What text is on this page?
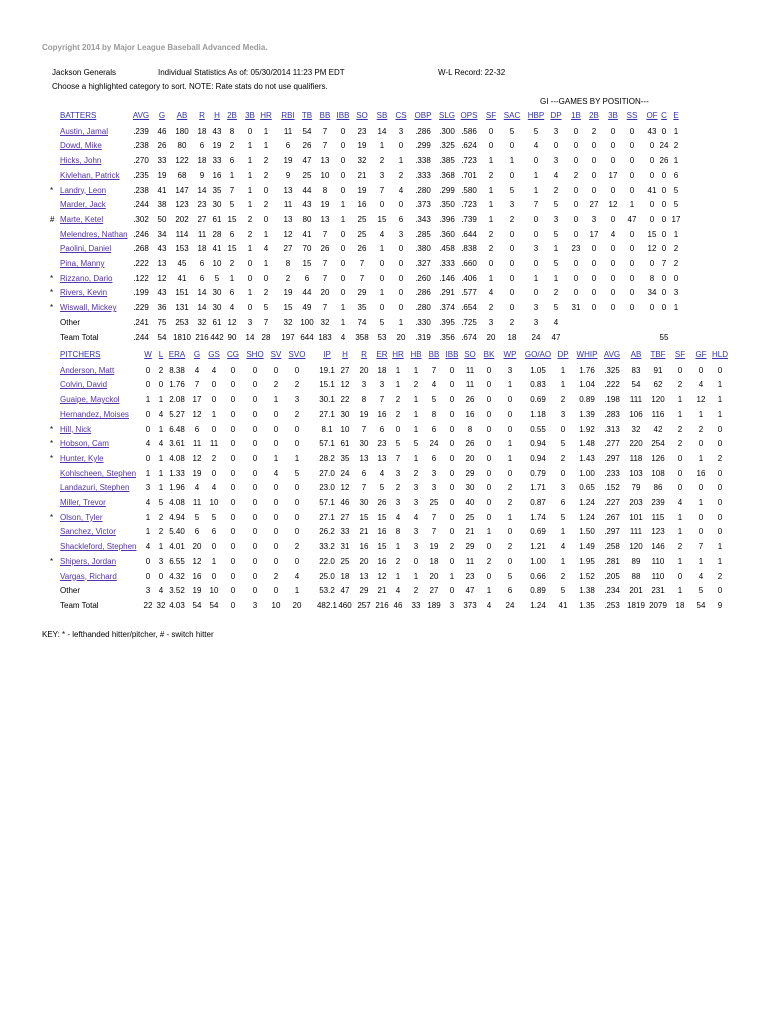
Copyright 2014 by Major League Baseball Advanced Media.
Jackson Generals	Individual Statistics As of: 05/30/2014 11:23 PM EDT	W-L Record: 22-32
Choose a highlighted category to sort. NOTE: Rate stats do not use qualifiers.
GI ---GAMES BY POSITION---
BATTERS	AVG G AB R H 2B 3B HR RBI TB BB IBB SO SB CS OBP SLG OPS SF SAC HBP DP 1B 2B 3B SS OF C E
Austin, Jamal	.239 46 180 18 43 8 0 1 11 54 7 0 23 14 3 .286 .300 .586 0 5 5 3 0 2 0 0 43 0 1
Dowd, Mike	.238 26 80 6 19 2 1 1 6 26 7 0 19 1 0 .299 .325 .624 0 0 4 0 0 0 0 0 0 24 2
Hicks, John	.270 33 122 18 33 6 1 2 19 47 13 0 32 2 1 .338 .385 .723 1 1 0 3 0 0 0 0 0 26 1
Kivlehan, Patrick .235 19 68 9 16 1 1 2 9 25 10 0 21 3 2 .333 .368 .701 2 0 1 4 2 0 17 0 0 0 6
* Landry, Leon	.238 41 147 14 35 7 1 0 13 44 8 0 19 7 4 .280 .299 .580 1 5 1 2 0 0 0 0 41 0 5
Marder, Jack	.244 38 123 23 30 5 1 2 11 43 19 1 16 0 0 .373 .350 .723 1 3 7 5 0 27 12 1 0 0 5
# Marte, Ketel	.302 50 202 27 61 15 2 0 13 80 13 1 25 15 6 .343 .396 .739 1 2 0 3 0 3 0 47 0 0 17
Melendres, Nathan .246 34 114 11 28 6 2 1 12 41 7 0 25 4 3 .285 .360 .644 2 0 0 5 0 17 4 0 15 0 1
Paolini, Daniel	.268 43 153 18 41 15 1 4 27 70 26 0 26 1 0 .380 .458 .838 2 0 3 1 23 0 0 0 12 0 2
Pina, Manny	.222 13 45 6 10 2 0 1 8 15 7 0 7 0 0 .327 .333 .660 0 0 0 5 0 0 0 0 0 7 2
* Rizzano, Dario	.122 12 41 6 5 1 0 0 2 6 7 0 7 0 0 .260 .146 .406 1 0 1 1 0 0 0 0 8 0 0
* Rivers, Kevin	.199 43 151 14 30 6 1 2 19 44 20 0 29 1 0 .286 .291 .577 4 0 0 2 0 0 0 0 34 0 3
* Wiswall, Mickey .229 36 131 14 30 4 0 5 15 49 7 1 35 0 0 .280 .374 .654 2 0 3 5 31 0 0 0 0 0 1
Other	.241 75 253 32 61 12 3 7 32 100 32 1 74 5 1 .330 .395 .725 3 2 3 4
Team Total	.244 54 1810 216 442 90 14 28 197 644 183 4 358 53 20 .319 .356 .674 20 18 24 47	55
PITCHERS	W L ERA G GS CG SHO SV SVO IP H R ER HR HB BB IBB SO BK WP GO/AO DP WHIP AVG AB TBF SF GF HLD
Anderson, Matt	0 2 8.38 4 4 0 0 0 0 19.1 27 20 18 1 1 7 0 11 0 3 1.05 1 1.76 .325 83 91 0 0 0
Colvin, David	0 0 1.76 7 0 0 0 2 2 15.1 12 3 3 1 2 4 0 11 0 1 0.83 1 1.04 .222 54 62 2 4 1
Guaipe, Mayckol	1 1 2.08 17 0 0 0 1 3 30.1 22 8 7 2 1 5 0 26 0 0 0.69 2 0.89 .198 111 120 1 12 1
Hernandez, Moises 0 4 5.27 12 1 0 0 0 2 27.1 30 19 16 2 1 8 0 16 0 0 1.18 3 1.39 .283 106 116 1 1 1
* Hill, Nick	0 1 6.48 6 0 0 0 0 0	8.1 10 7 6 0 1 6 0 8 0 0 0.55 0 1.92 .313 32 42 2 2 0
* Hobson, Cam	4 4 3.61 11 11 0 0 0 0 57.1 61 30 23 5 5 24 0 26 0 1 0.94 5 1.48 .277 220 254 2 0 0
* Hunter, Kyle	0 1 4.08 12 2 0 0 1 1 28.2 35 13 13 7 1 6 0 20 0 1 0.94 2 1.43 .297 118 126 0 1 2
Kohlscheen, Stephen 1 1 1.33 19 0 0 0 4 5 27.0 24 6 4 3 2 3 0 29 0 0 0.79 0 1.00 .233 103 108 0 16 0
Landazuri, Stephen 3 1 1.96 4 4 0 0 0 0 23.0 12 7 5 2 3 3 0 30 0 2 1.71 3 0.65 .152 79 86 0 0 0
Miller, Trevor	4 5 4.08 11 10 0 0 0 0 57.1 46 30 26 3 3 25 0 40 0 2 0.87 6 1.24 .227 203 239 4 1 0
* Olson, Tyler	1 2 4.94 5 5 0 0 0 0 27.1 27 15 15 4 4 7 0 25 0 1 1.74 5 1.24 .267 101 115 1 0 0
Sanchez, Victor	1 2 5.40 6 6 0 0 0 0 26.2 33 21 16 8 3 7 0 21 1 0 0.69 1 1.50 .297 111 123 1 0 0
Shackleford, Stephen 4 1 4.01 20 0 0 0 0 2 33.2 31 16 15 1 3 19 2 29 0 2 1.21 4 1.49 .258 120 146 2 7 1
* Shipers, Jordan	0 3 6.55 12 1 0 0 0 0 22.0 25 20 16 2 0 18 0 11 2 0 1.00 1 1.95 .281 89 110 1 1 1
Vargas, Richard	0 0 4.32 16 0 0 0 2 4 25.0 18 13 12 1 1 20 1 23 0 5 0.66 2 1.52 .205 88 110 0 4 2
Other	3 4 3.52 19 10 0 0 0 1 53.2 47 29 21 4 2 27 0 47 1 6 0.89 5 1.38 .234 201 231 1 5 0
Team Total	22 32 4.03 54 54 0 3 10 20 482.1 460 257 216 46 33 189 3 373 4 24 1.24 41 1.35 .253 1819 2079 18 54 9
KEY: * - lefthanded hitter/pitcher, # - switch hitter
